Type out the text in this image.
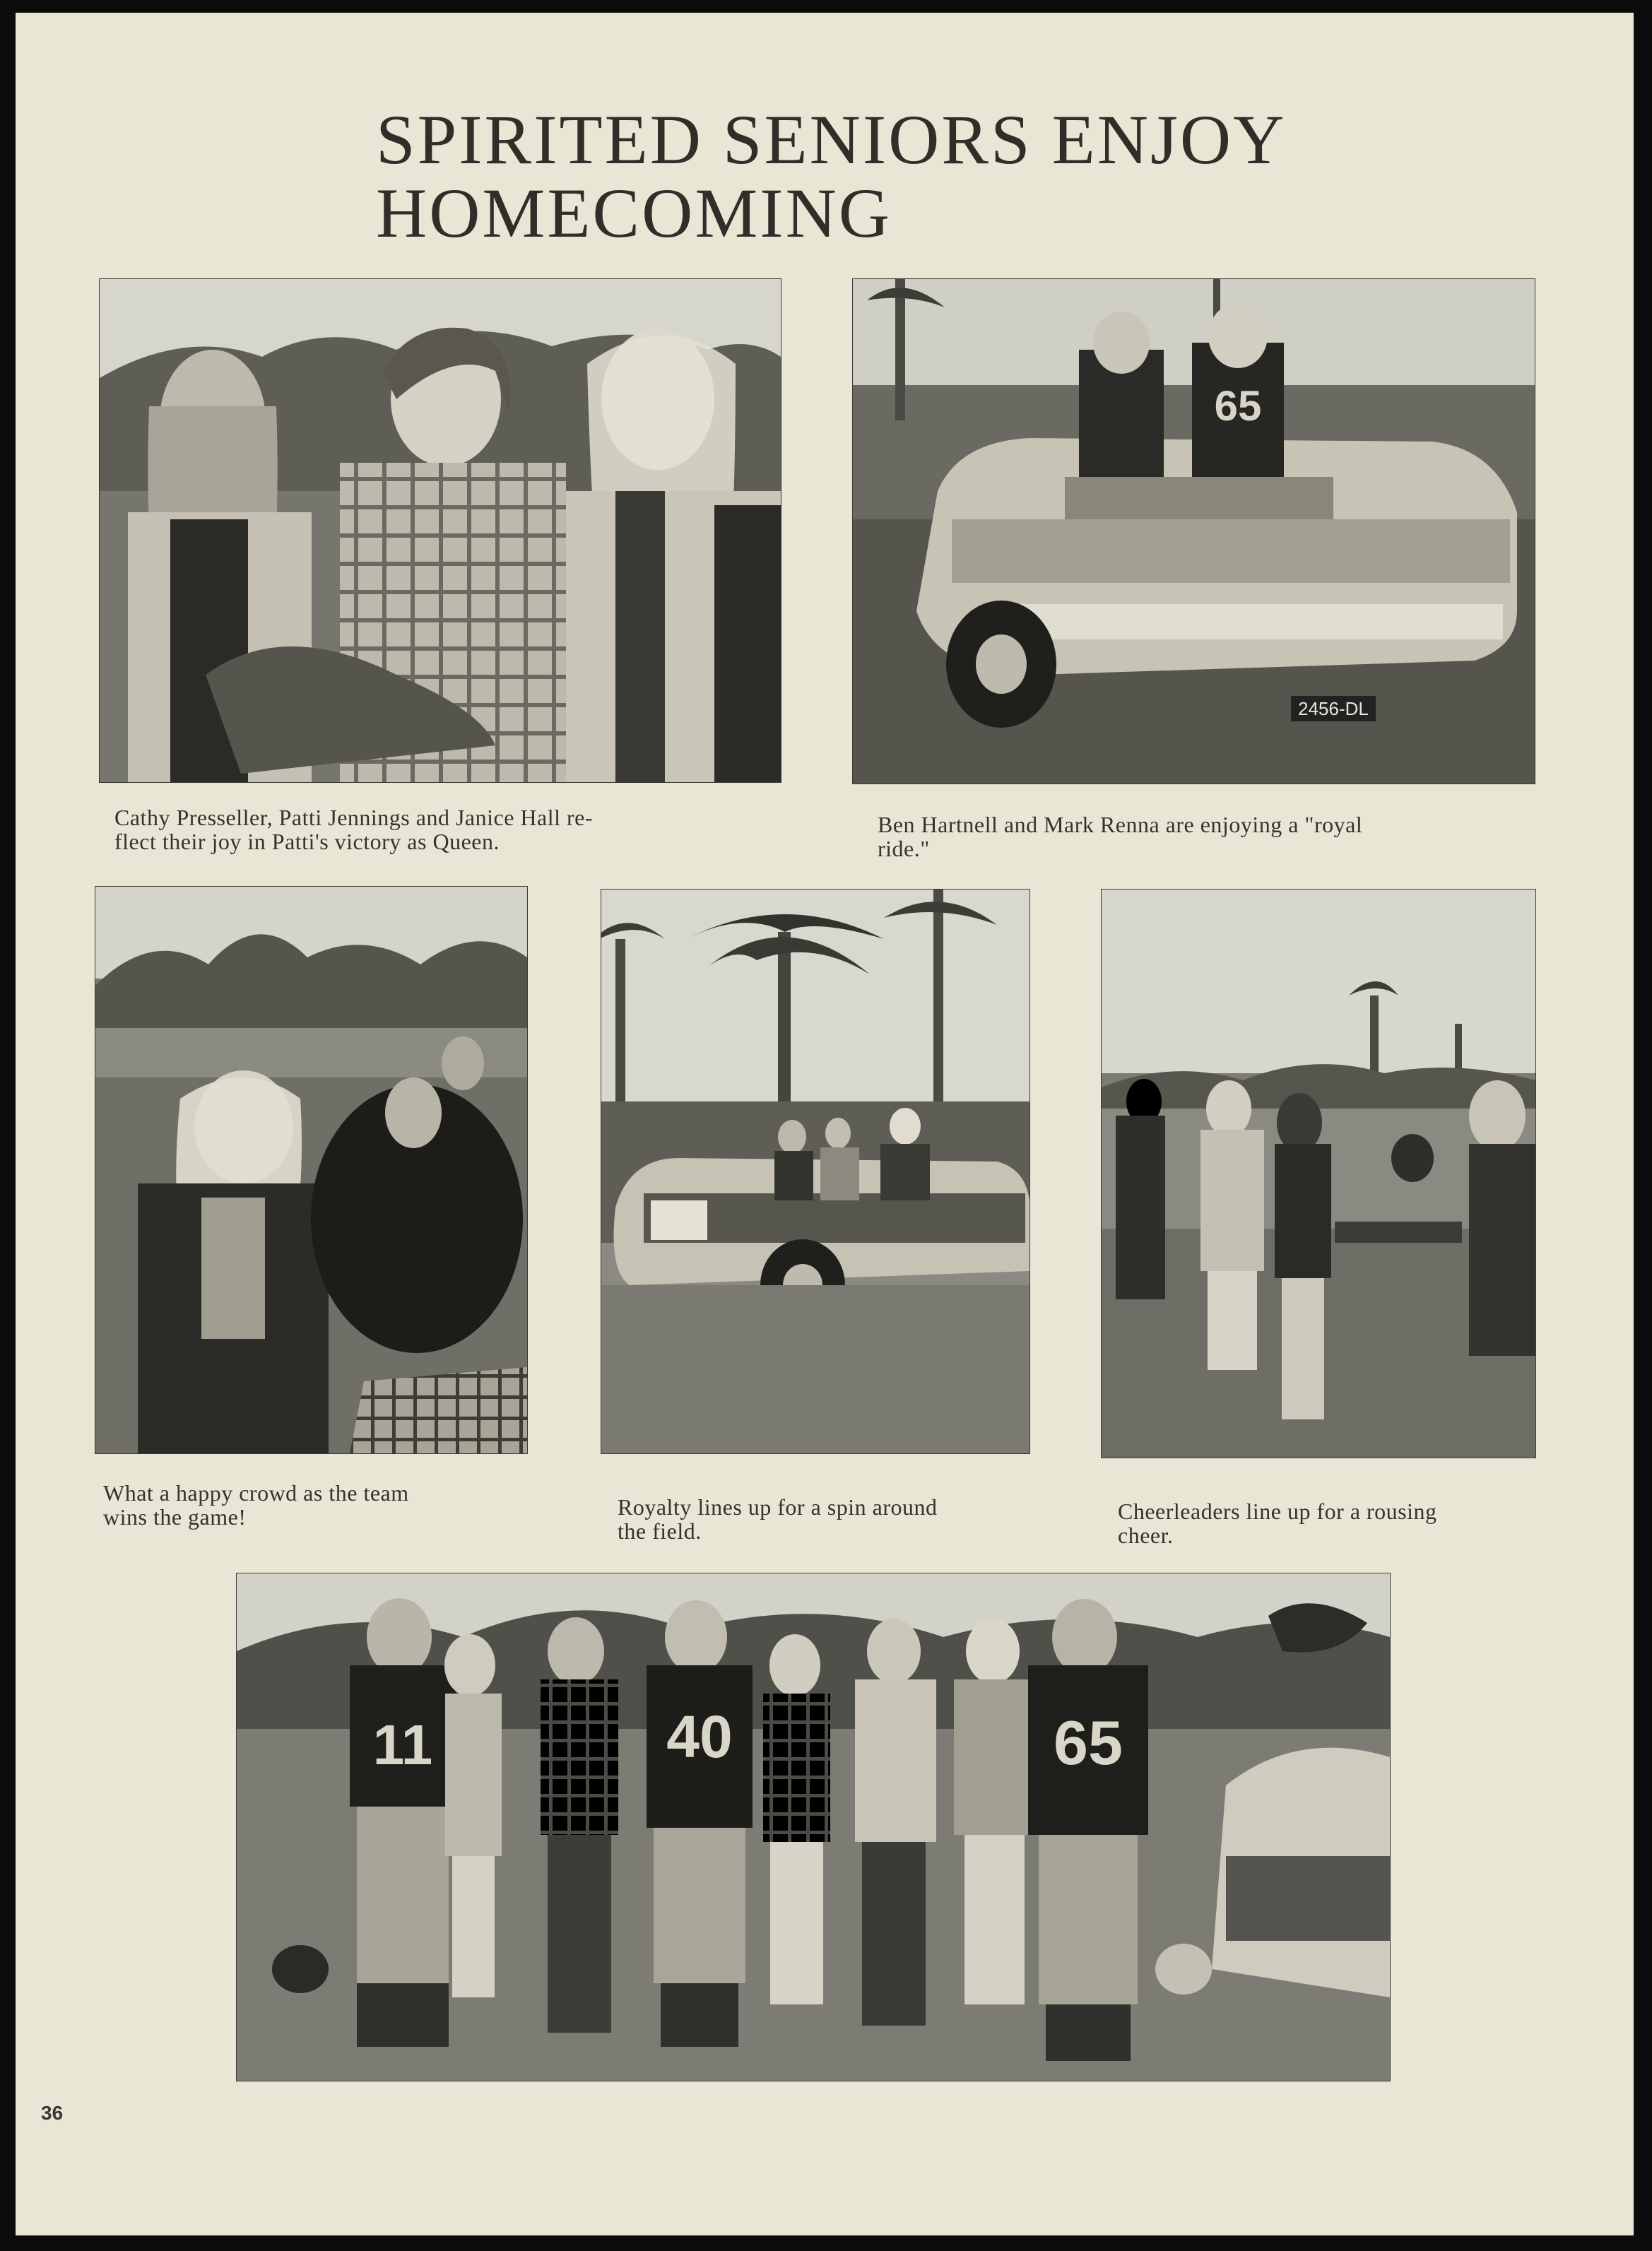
SPIRITED SENIORS ENJOY
HOMECOMING

Cathy Presseller, Patti Jennings and Janice Hall re-
flect their joy in Patti's victory as Queen.

2456-DL
65

Ben Hartnell and Mark Renna are enjoying a "royal
ride."

What a happy crowd as the team
wins the game!	Royalty lines up for a spin around
the field.

Cheerleaders line up for a rousing
cheer.

11	40	65
36
